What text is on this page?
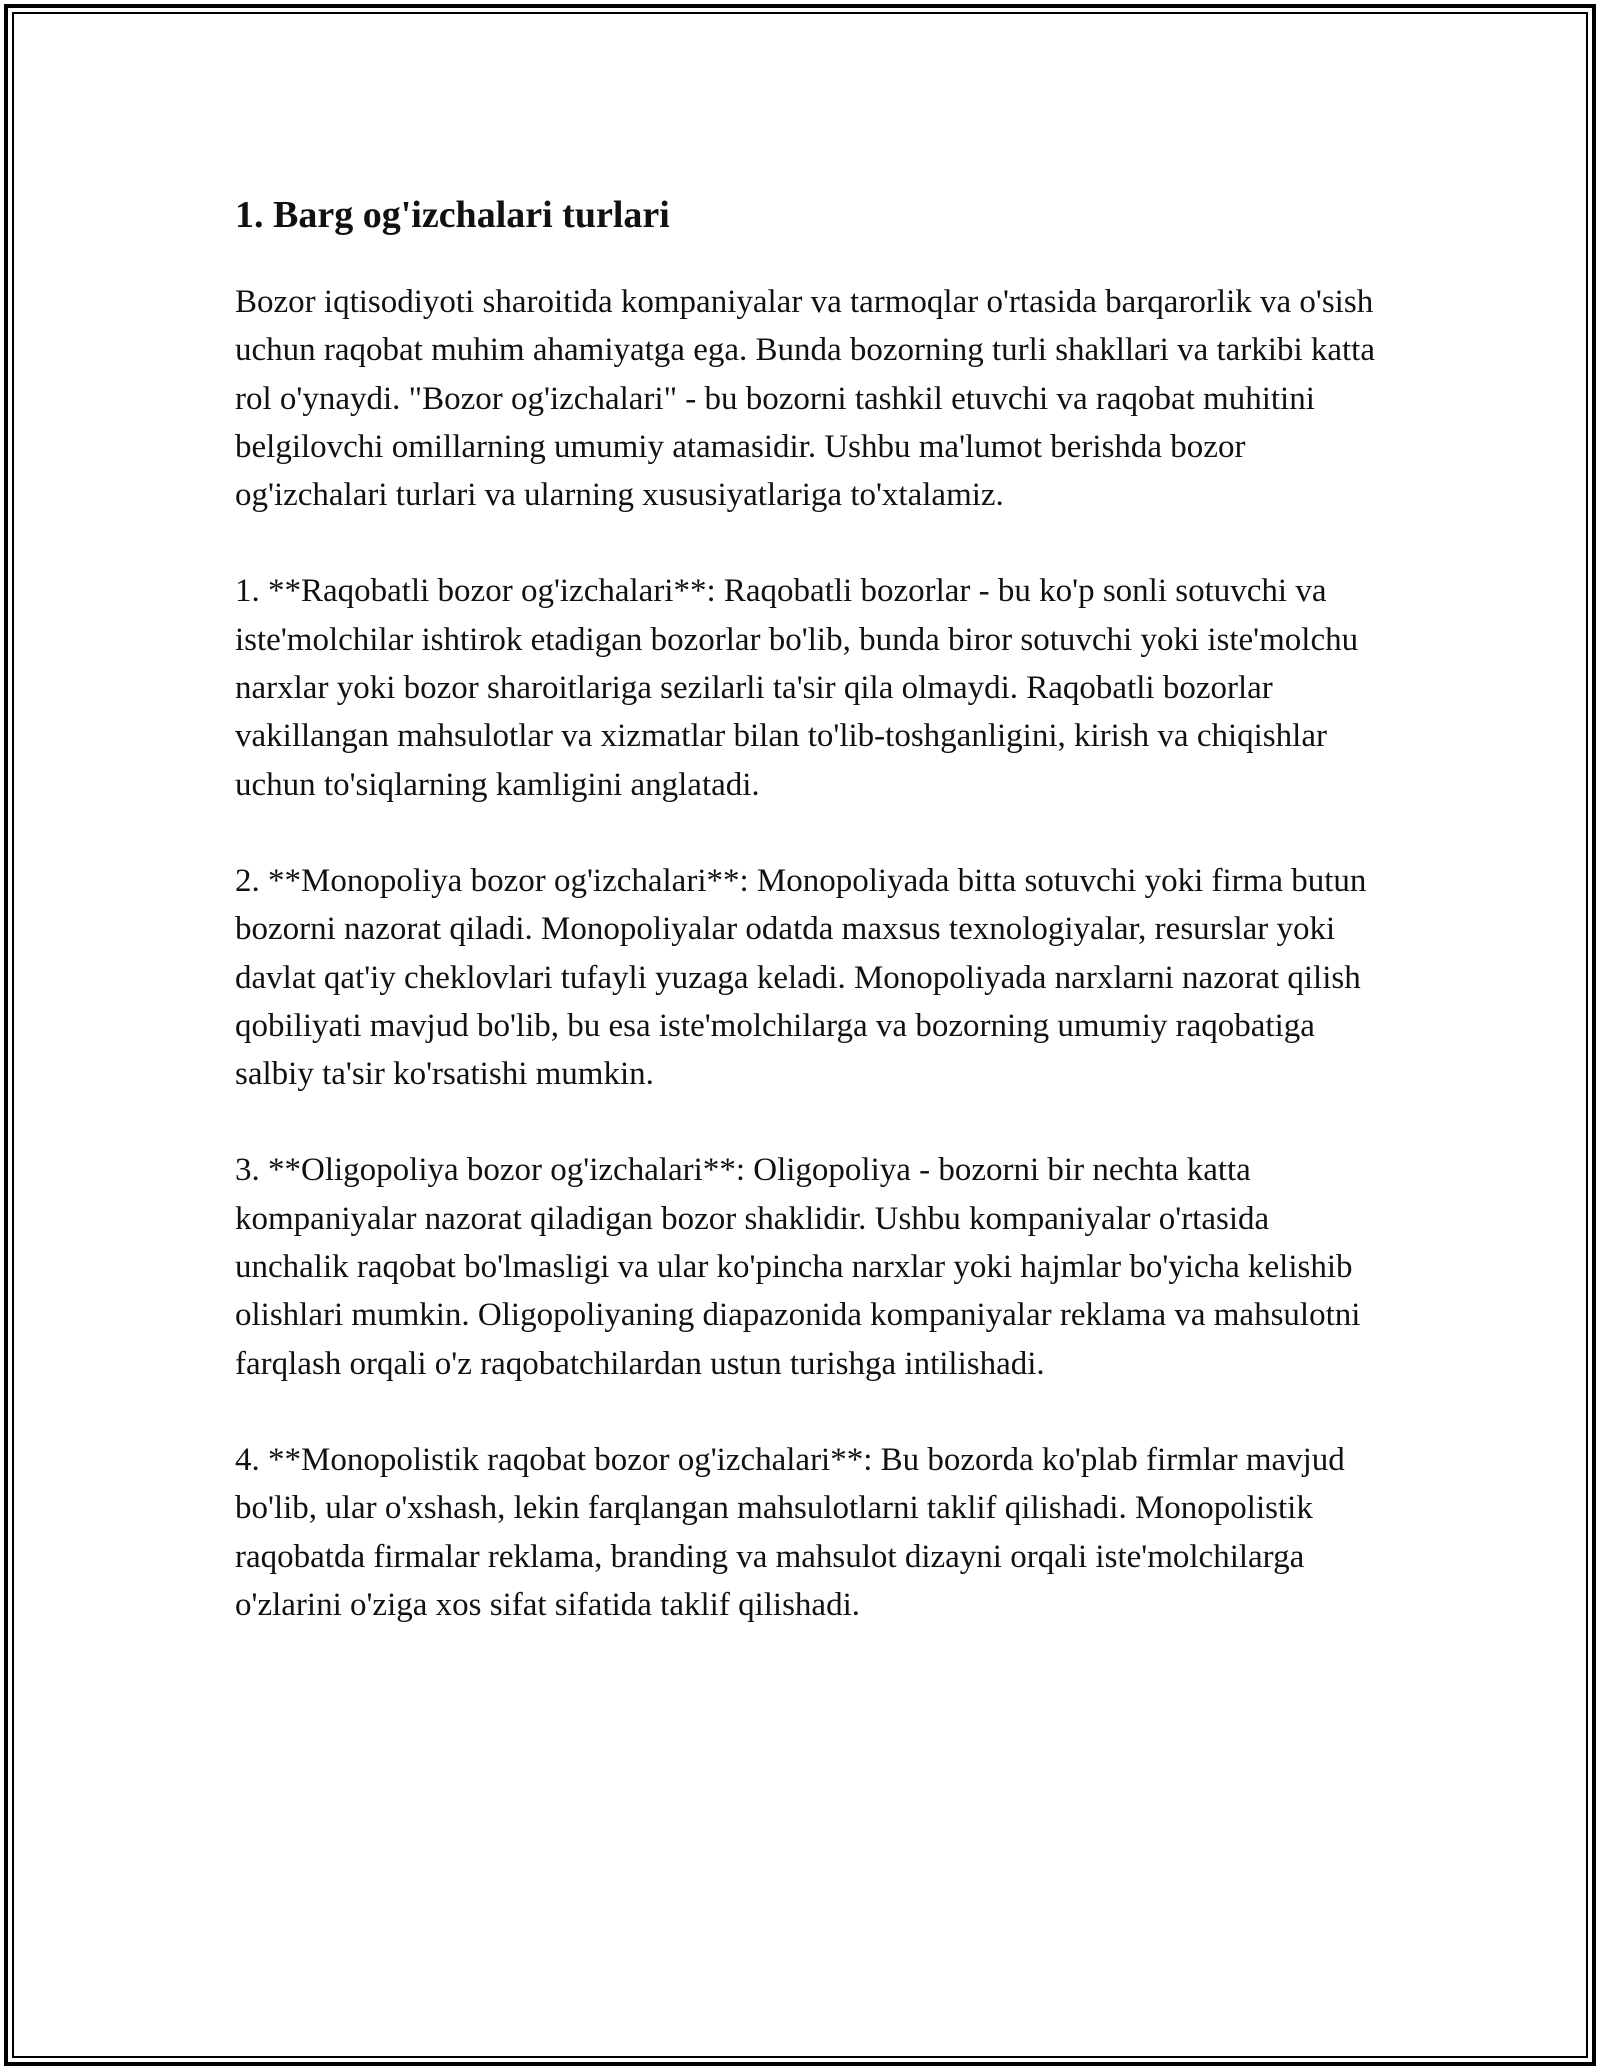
1. Barg og'izchalari turlari

Bozor iqtisodiyoti sharoitida kompaniyalar va tarmoqlar o'rtasida barqarorlik va o'sish uchun raqobat muhim ahamiyatga ega. Bunda bozorning turli shakllari va tarkibi katta rol o'ynaydi. "Bozor og'izchalari" - bu bozorni tashkil etuvchi va raqobat muhitini belgilovchi omillarning umumiy atamasidir. Ushbu ma'lumot berishda bozor og'izchalari turlari va ularning xususiyatlariga to'xtalamiz.

1. **Raqobatli bozor og'izchalari**: Raqobatli bozorlar - bu ko'p sonli sotuvchi va iste'molchilar ishtirok etadigan bozorlar bo'lib, bunda biror sotuvchi yoki iste'molchu narxlar yoki bozor sharoitlariga sezilarli ta'sir qila olmaydi. Raqobatli bozorlar vakillangan mahsulotlar va xizmatlar bilan to'lib-toshganligini, kirish va chiqishlar uchun to'siqlarning kamligini anglatadi.

2. **Monopoliya bozor og'izchalari**: Monopoliyada bitta sotuvchi yoki firma butun bozorni nazorat qiladi. Monopoliyalar odatda maxsus texnologiyalar, resurslar yoki davlat qat'iy cheklovlari tufayli yuzaga keladi. Monopoliyada narxlarni nazorat qilish qobiliyati mavjud bo'lib, bu esa iste'molchilarga va bozorning umumiy raqobatiga salbiy ta'sir ko'rsatishi mumkin.

3. **Oligopoliya bozor og'izchalari**: Oligopoliya - bozorni bir nechta katta kompaniyalar nazorat qiladigan bozor shaklidir. Ushbu kompaniyalar o'rtasida unchalik raqobat bo'lmasligi va ular ko'pincha narxlar yoki hajmlar bo'yicha kelishib olishlari mumkin. Oligopoliyaning diapazonida kompaniyalar reklama va mahsulotni farqlash orqali o'z raqobatchilardan ustun turishga intilishadi.

4. **Monopolistik raqobat bozor og'izchalari**: Bu bozorda ko'plab firmlar mavjud bo'lib, ular o'xshash, lekin farqlangan mahsulotlarni taklif qilishadi. Monopolistik raqobatda firmalar reklama, branding va mahsulot dizayni orqali iste'molchilarga o'zlarini o'ziga xos sifat sifatida taklif qilishadi.
